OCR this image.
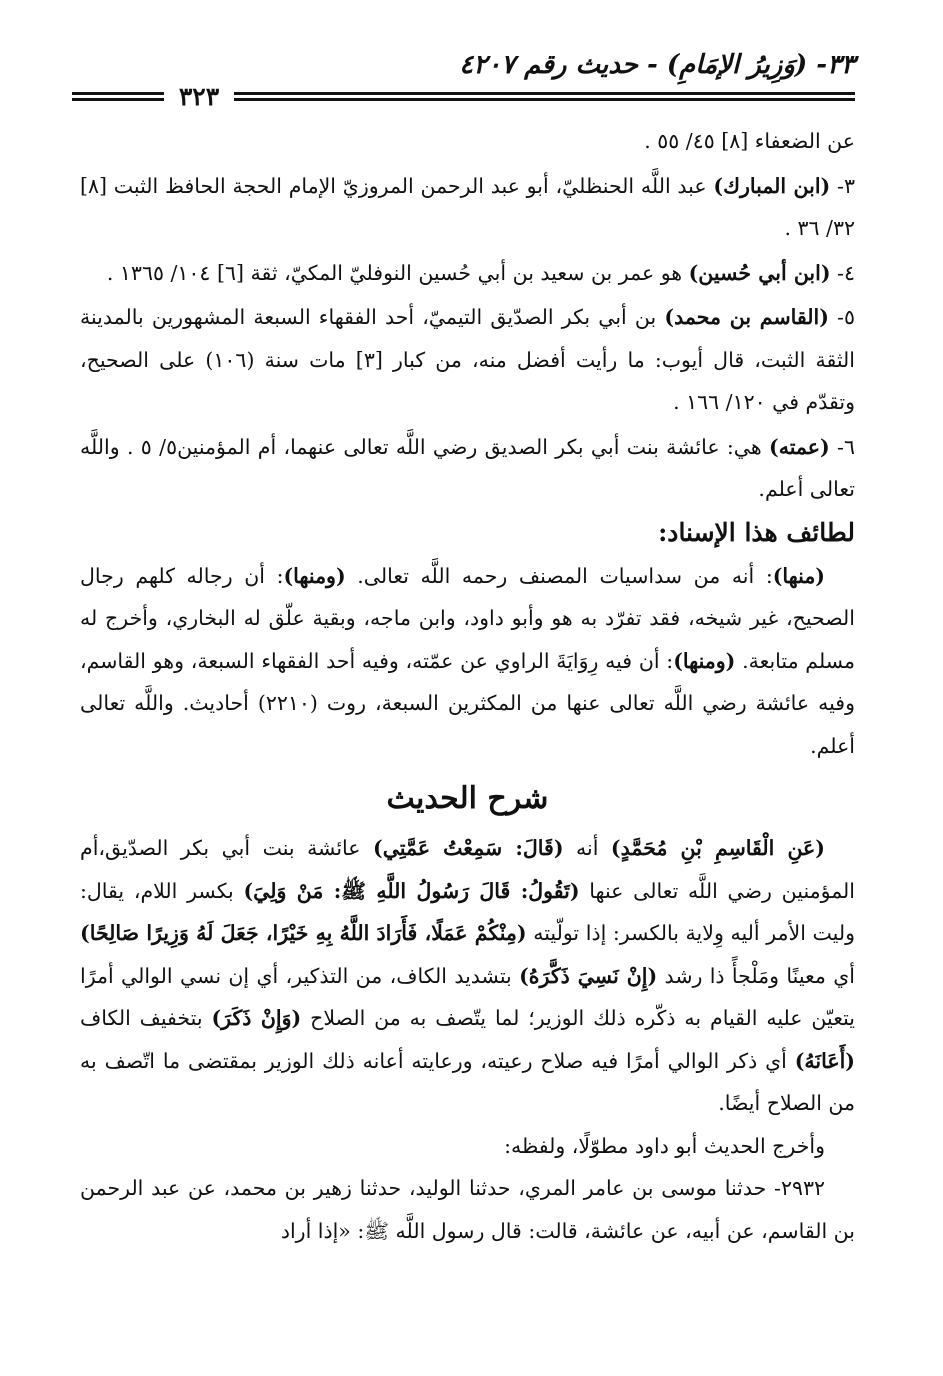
٣٣- (وَزِيرُ الإمَامِ) - حديث رقم ٤٢٠٧
٣٢٣

عن الضعفاء [٨] ٤٥/ ٥٥ .

٣- (ابن المبارك) عبد اللَّه الحنظليّ، أبو عبد الرحمن المروزيّ الإمام الحجة الحافظ الثبت [٨] ٣٢/ ٣٦ .

٤- (ابن أبي حُسين) هو عمر بن سعيد بن أبي حُسين النوفليّ المكيّ، ثقة [٦] ١٠٤/ ١٣٦٥ .

٥- (القاسم بن محمد) بن أبي بكر الصدّيق التيميّ، أحد الفقهاء السبعة المشهورين بالمدينة الثقة الثبت، قال أيوب: ما رأيت أفضل منه، من كبار [٣] مات سنة (١٠٦) على الصحيح، وتقدّم في ١٢٠/ ١٦٦ .

٦- (عمته) هي: عائشة بنت أبي بكر الصديق رضي اللَّه تعالى عنهما، أم المؤمنين٥/ ٥ . واللَّه تعالى أعلم.

لطائف هذا الإسناد:

(منها): أنه من سداسيات المصنف رحمه اللَّه تعالى. (ومنها): أن رجاله كلهم رجال الصحيح، غير شيخه، فقد تفرّد به هو وأبو داود، وابن ماجه، وبقية علّق له البخاري، وأخرج له مسلم متابعة. (ومنها): أن فيه رِوَايَةَ الراوي عن عمّته، وفيه أحد الفقهاء السبعة، وهو القاسم، وفيه عائشة رضي اللَّه تعالى عنها من المكثرين السبعة، روت (٢٢١٠) أحاديث. واللَّه تعالى أعلم.

شرح الحديث

(عَنِ الْقَاسِمِ بْنِ مُحَمَّدٍ) أنه (قَالَ: سَمِعْتُ عَمَّتِي) عائشة بنت أبي بكر الصدّيق،أم المؤمنين رضي اللَّه تعالى عنها (تَقُولُ: قَالَ رَسُولُ اللَّهِ ﷺ: مَنْ وَلِيَ) بكسر اللام، يقال: وليت الأمر أليه وِلاية بالكسر: إذا تولّيته (مِنْكُمْ عَمَلًا، فَأَرَادَ اللَّهُ بِهِ خَيْرًا، جَعَلَ لَهُ وَزِيرًا صَالِحًا) أي معينًا ومَلْجأً ذا رشد (إِنْ نَسِيَ ذَكَّرَهُ) بتشديد الكاف، من التذكير، أي إن نسي الوالي أمرًا يتعيّن عليه القيام به ذكّره ذلك الوزير؛ لما يتّصف به من الصلاح (وَإِنْ ذَكَرَ) بتخفيف الكاف (أَعَانَهُ) أي ذكر الوالي أمرًا فيه صلاح رعيته، ورعايته أعانه ذلك الوزير بمقتضى ما اتّصف به من الصلاح أيضًا.

وأخرج الحديث أبو داود مطوّلًا، ولفظه:

٢٩٣٢- حدثنا موسى بن عامر المري، حدثنا الوليد، حدثنا زهير بن محمد، عن عبد الرحمن بن القاسم، عن أبيه، عن عائشة، قالت: قال رسول اللَّه ﷺ: «إذا أراد
